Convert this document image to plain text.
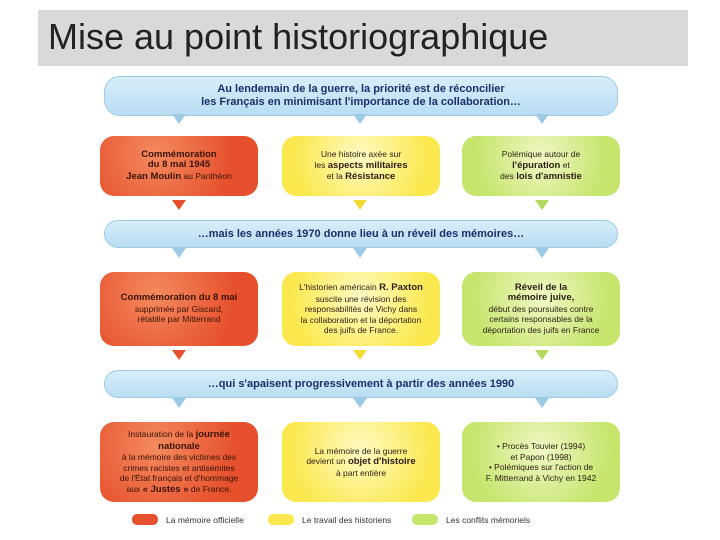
Mise au point historiographique
Au lendemain de la guerre, la priorité est de réconcilier
les Français en minimisant l'importance de la collaboration…
Commémoration
du 8 mai 1945
Jean Moulin au Panthéon
Une histoire axée sur
les aspects militaires
et la Résistance
Polémique autour de
l'épuration et
des lois d'amnistie
…mais les années 1970 donne lieu à un réveil des mémoires…
Commémoration du 8 mai
supprimée par Giscard,
rétablie par Mitterrand
L'historien américain R. Paxton
suscite une révision des
responsabilités de Vichy dans
la collaboration et la déportation
des juifs de France.
Réveil de la
mémoire juive,
début des poursuites contre
certains responsables de la
déportation des juifs en France
…qui s'apaisent progressivement à partir des années 1990
Instauration de la journée nationale
à la mémoire des victimes des
crimes racistes et antisémites
de l'État français et d'hommage
aux « Justes » de France.
La mémoire de la guerre
devient un objet d'histoire
à part entière
• Procès Touvier (1994)
et Papon (1998)
• Polémiques sur l'action de
F. Mitterrand à Vichy en 1942
La mémoire officielle	Le travail des historiens	Les conflits mémoriels
